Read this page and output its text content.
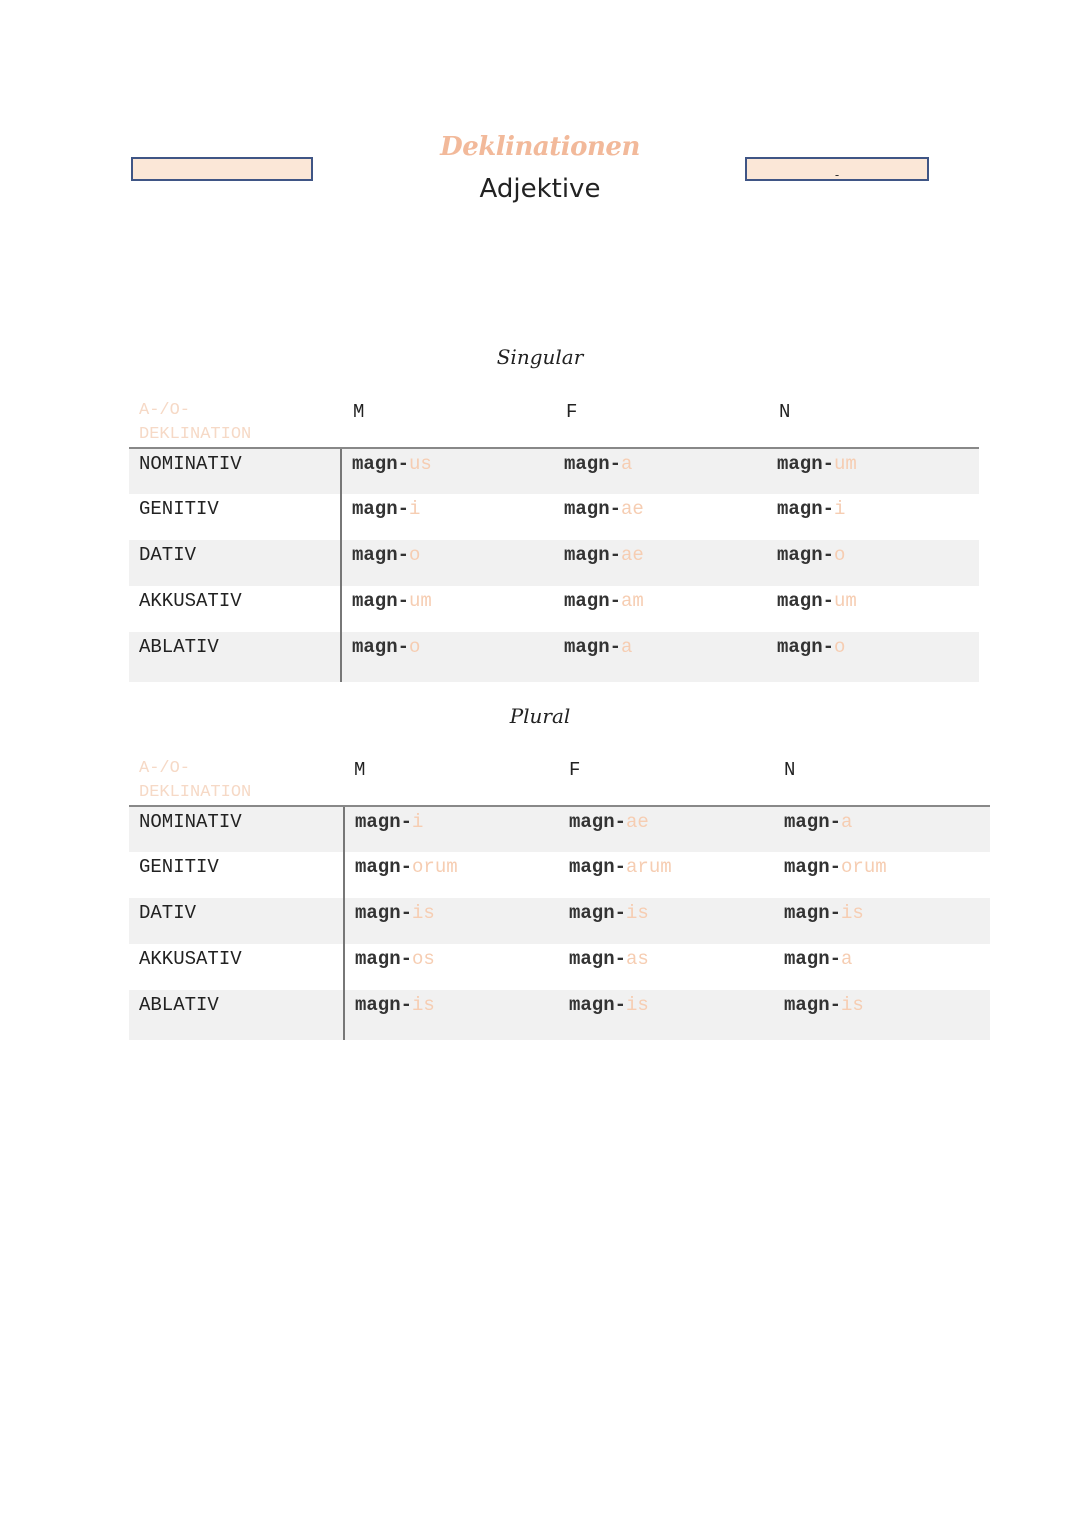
Deklinationen
Adjektive	-
Singular
A-/O-
DEKLINATION	M	F	N
NOMINATIV	magn-us	magn-a	magn-um
GENITIV	magn-i	magn-ae	magn-i
DATIV	magn-o	magn-ae	magn-o
AKKUSATIV	magn-um	magn-am	magn-um
ABLATIV	magn-o	magn-a	magn-o
Plural
A-/O-
DEKLINATION	M	F	N
NOMINATIV	magn-i	magn-ae	magn-a
GENITIV	magn-orum	magn-arum	magn-orum
DATIV	magn-is	magn-is	magn-is
AKKUSATIV	magn-os	magn-as	magn-a
ABLATIV	magn-is	magn-is	magn-is
